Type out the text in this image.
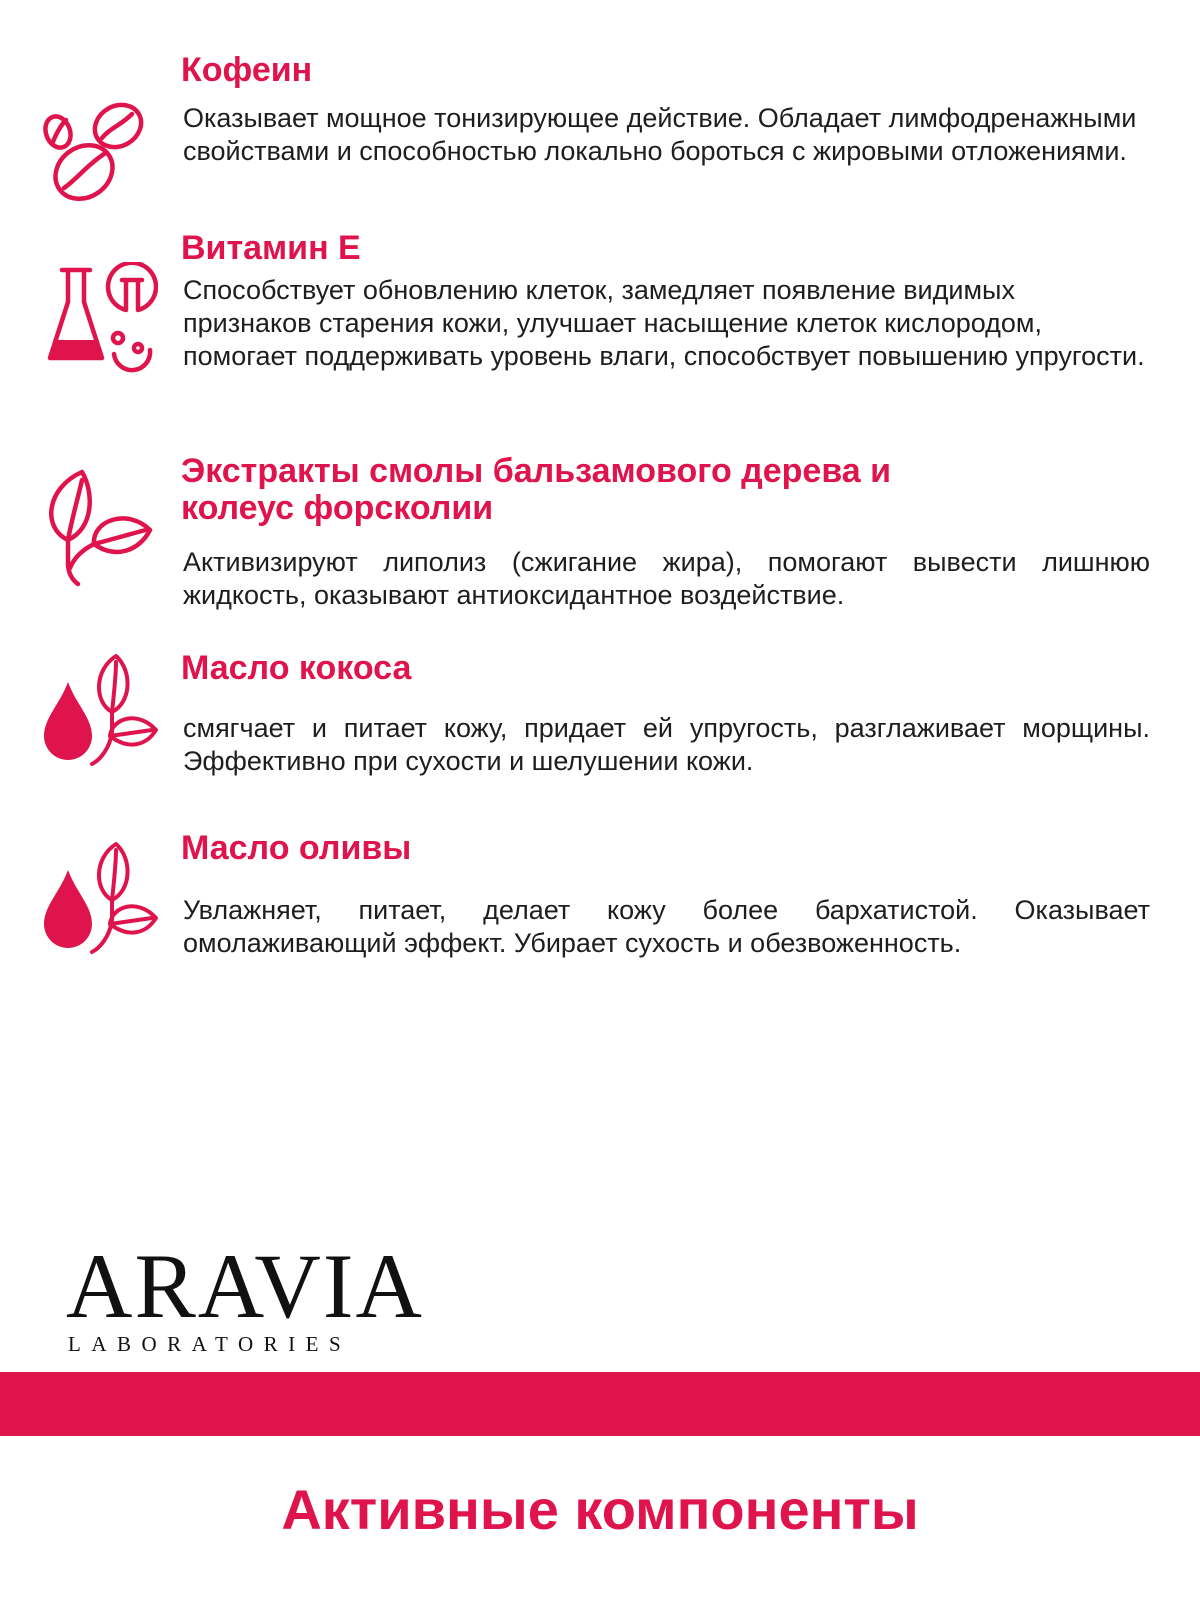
Кофеин

Оказывает мощное тонизирующее действие. Обладает лимфодренажными свойствами и способностью локально бороться с жировыми отложениями.

Витамин Е

Способствует обновлению клеток, замедляет появление видимых признаков старения кожи, улучшает насыщение клеток кислородом, помогает поддерживать уровень влаги, способствует повышению упругости.

Экстракты смолы бальзамового дерева и колеус форсколии

Активизируют липолиз (сжигание жира), помогают вывести лишнюю жидкость, оказывают антиоксидантное воздействие.

Масло кокоса

смягчает и питает кожу, придает ей упругость, разглаживает морщины. Эффективно при сухости и шелушении кожи.

Масло оливы

Увлажняет, питает, делает кожу более бархатистой. Оказывает омолаживающий эффект. Убирает сухость и обезвоженность.

ARAVIA
LABORATORIES
Активные компоненты
